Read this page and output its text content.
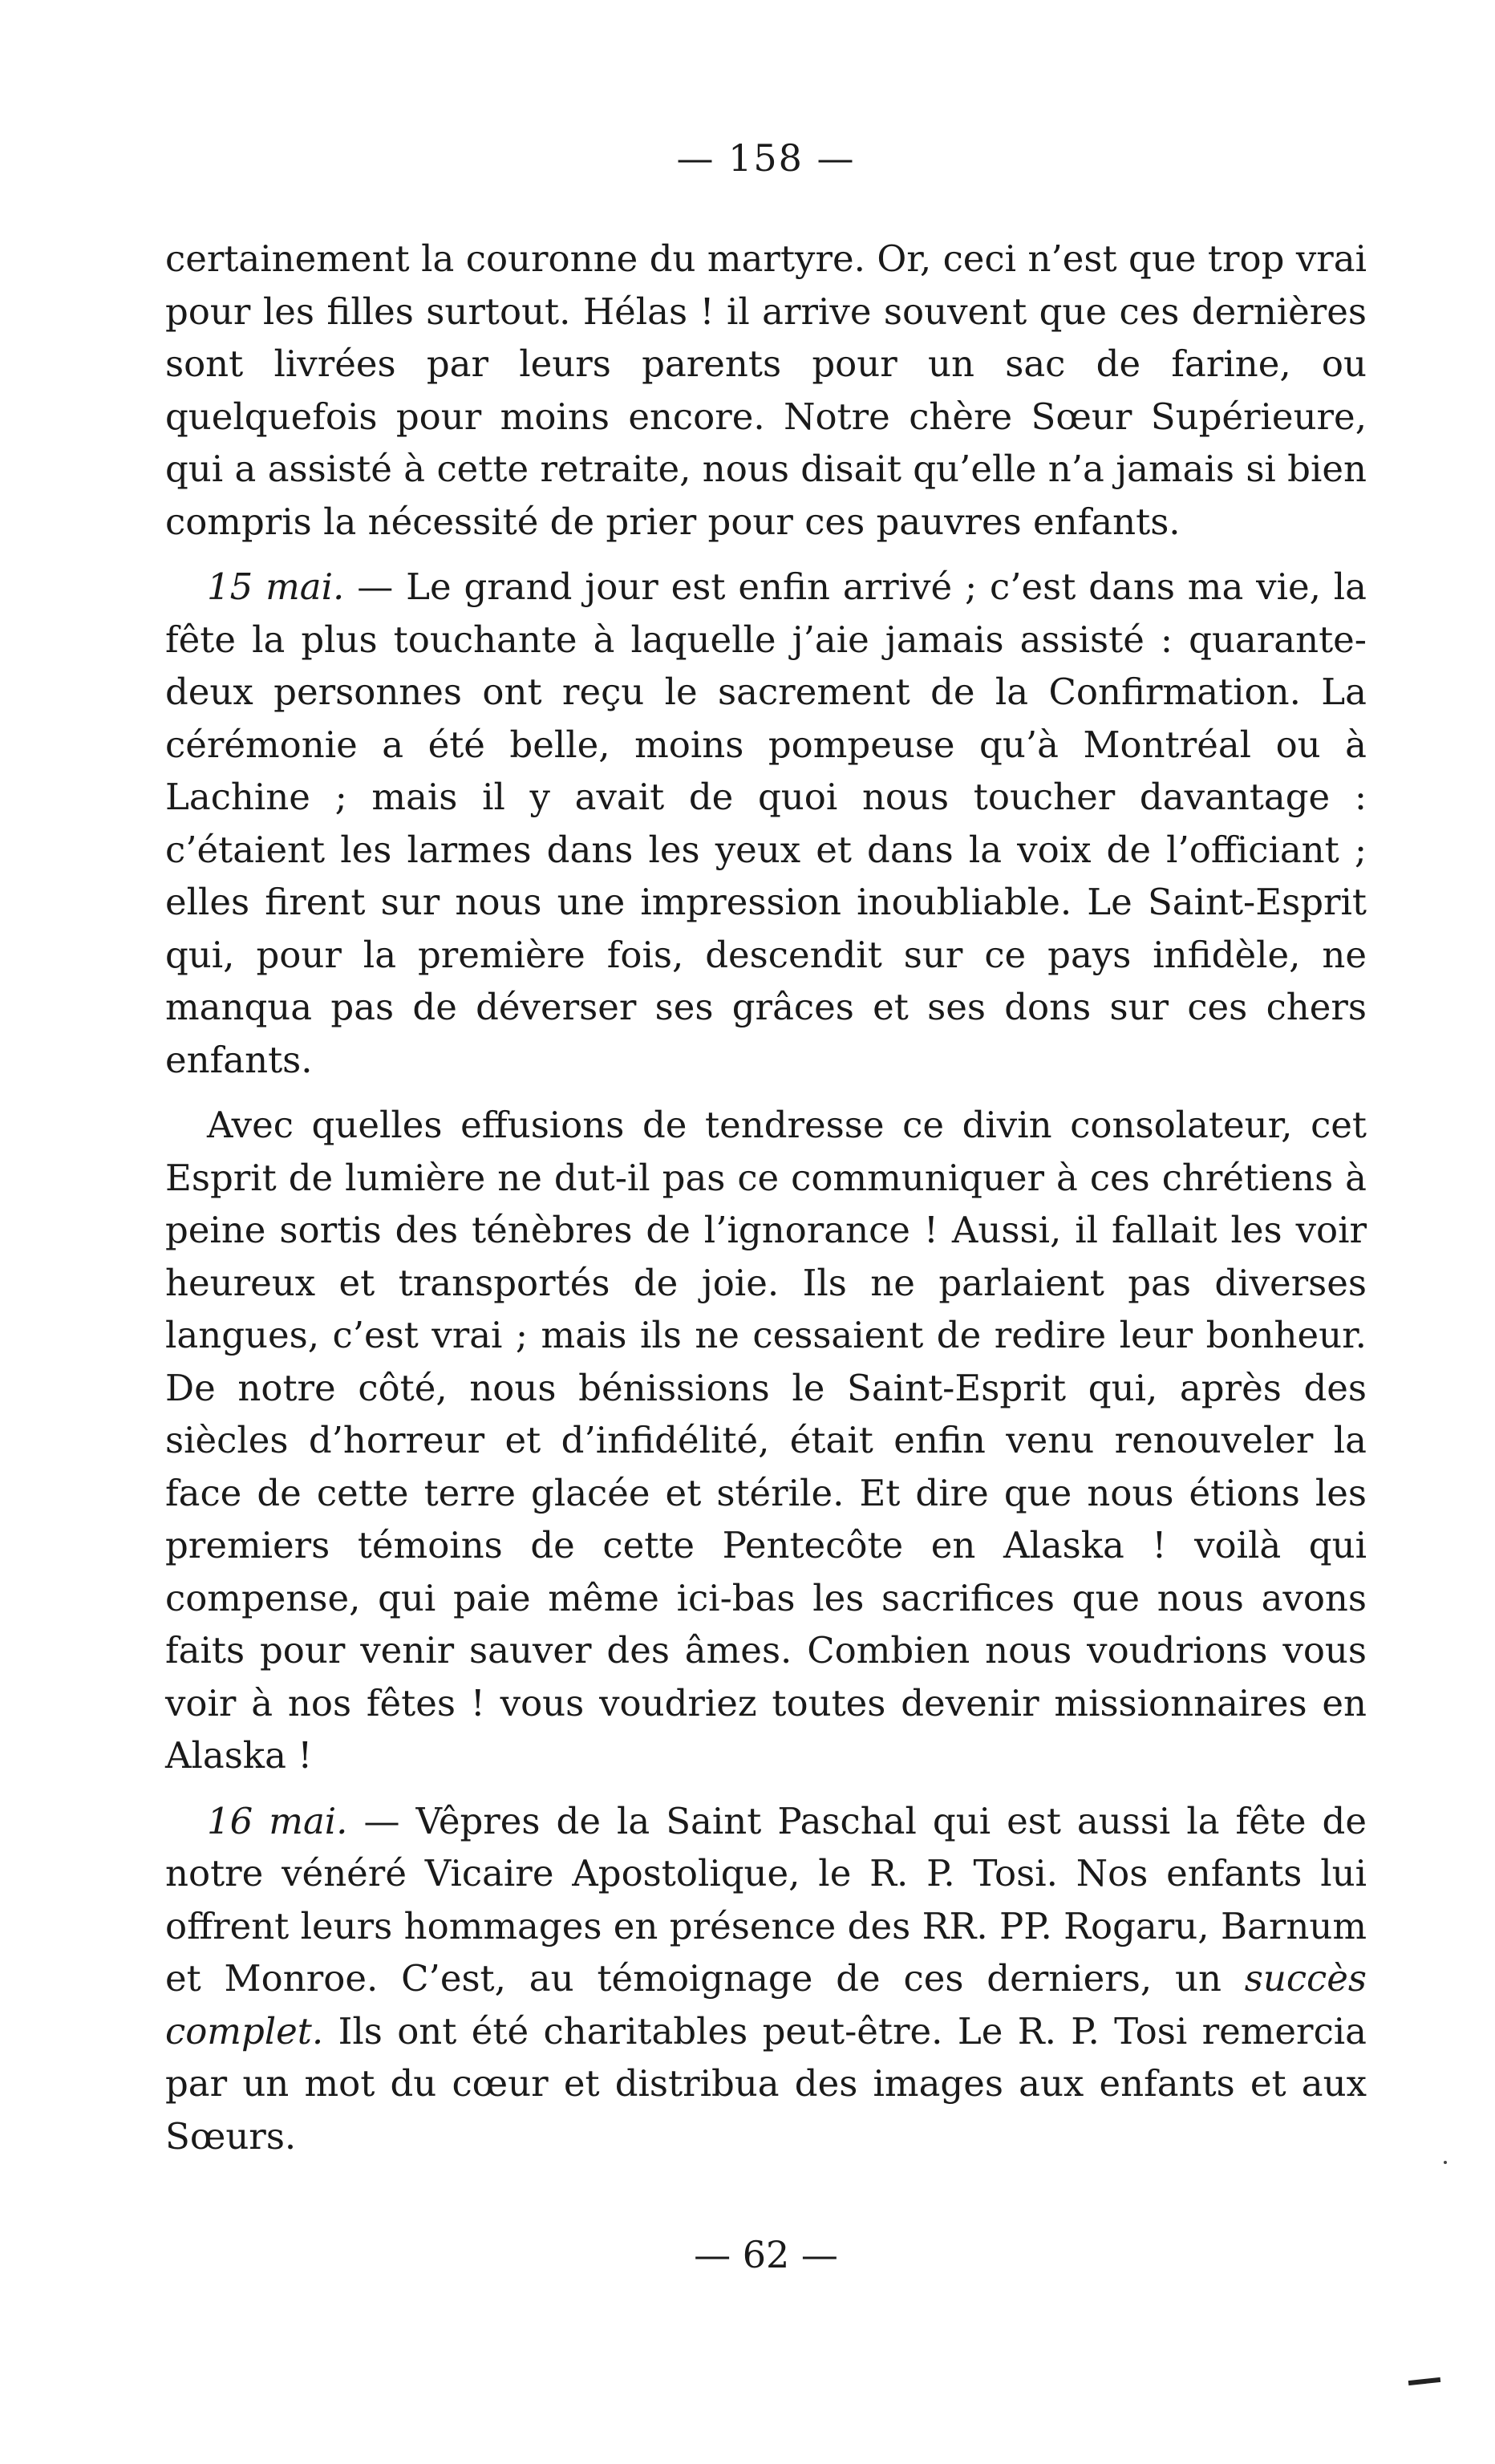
— 158 —

certainement la couronne du martyre. Or, ceci n’est que trop vrai pour les filles surtout. Hélas ! il arrive souvent que ces dernières sont livrées par leurs parents pour un sac de farine, ou quelquefois pour moins encore. Notre chère Sœur Supérieure, qui a assisté à cette retraite, nous disait qu’elle n’a jamais si bien compris la nécessité de prier pour ces pauvres enfants.

15 mai. — Le grand jour est enfin arrivé ; c’est dans ma vie, la fête la plus touchante à laquelle j’aie jamais assisté : quarante-deux personnes ont reçu le sacrement de la Confirmation. La cérémonie a été belle, moins pompeuse qu’à Montréal ou à Lachine ; mais il y avait de quoi nous toucher davantage : c’étaient les larmes dans les yeux et dans la voix de l’officiant ; elles firent sur nous une impression inoubliable. Le Saint-Esprit qui, pour la première fois, descendit sur ce pays infidèle, ne manqua pas de déverser ses grâces et ses dons sur ces chers enfants.

Avec quelles effusions de tendresse ce divin consolateur, cet Esprit de lumière ne dut-il pas ce communiquer à ces chrétiens à peine sortis des ténèbres de l’ignorance ! Aussi, il fallait les voir heureux et transportés de joie. Ils ne parlaient pas diverses langues, c’est vrai ; mais ils ne cessaient de redire leur bonheur. De notre côté, nous bénissions le Saint-Esprit qui, après des siècles d’horreur et d’infidélité, était enfin venu renouveler la face de cette terre glacée et stérile. Et dire que nous étions les premiers témoins de cette Pentecôte en Alaska ! voilà qui compense, qui paie même ici-bas les sacrifices que nous avons faits pour venir sauver des âmes. Combien nous voudrions vous voir à nos fêtes ! vous voudriez toutes devenir missionnaires en Alaska !

16 mai. — Vêpres de la Saint Paschal qui est aussi la fête de notre vénéré Vicaire Apostolique, le R. P. Tosi. Nos enfants lui offrent leurs hommages en présence des RR. PP. Rogaru, Barnum et Monroe. C’est, au témoignage de ces derniers, un succès complet. Ils ont été charitables peut-être. Le R. P. Tosi remercia par un mot du cœur et distribua des images aux enfants et aux Sœurs.

— 62 —
